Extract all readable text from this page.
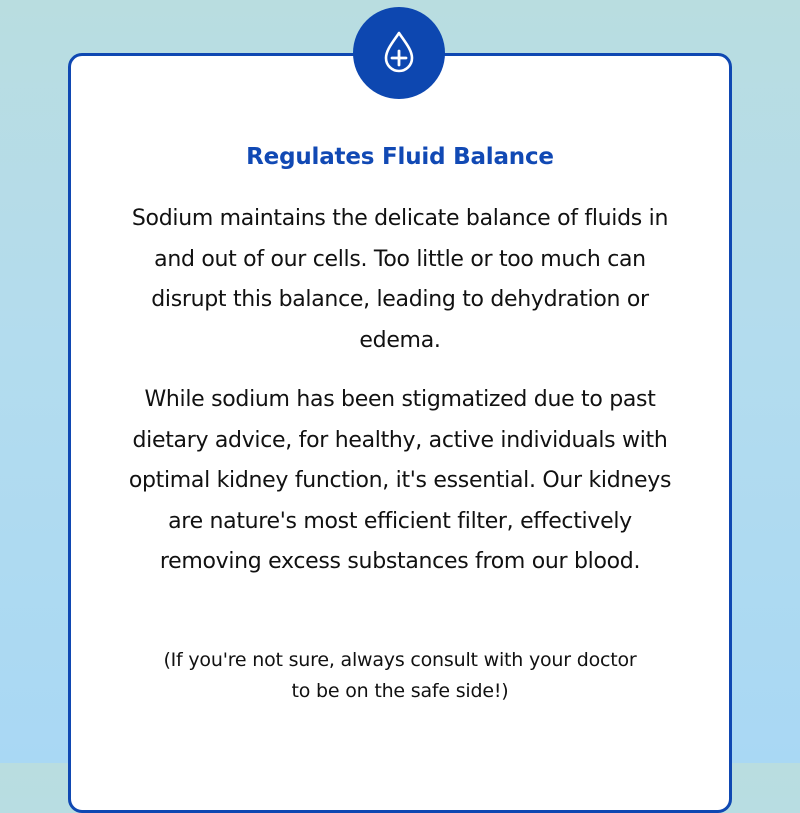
Regulates Fluid Balance

Sodium maintains the delicate balance of fluids in and out of our cells. Too little or too much can disrupt this balance, leading to dehydration or edema.

While sodium has been stigmatized due to past dietary advice, for healthy, active individuals with optimal kidney function, it's essential. Our kidneys are nature's most efficient filter, effectively removing excess substances from our blood.

(If you're not sure, always consult with your doctor to be on the safe side!)
